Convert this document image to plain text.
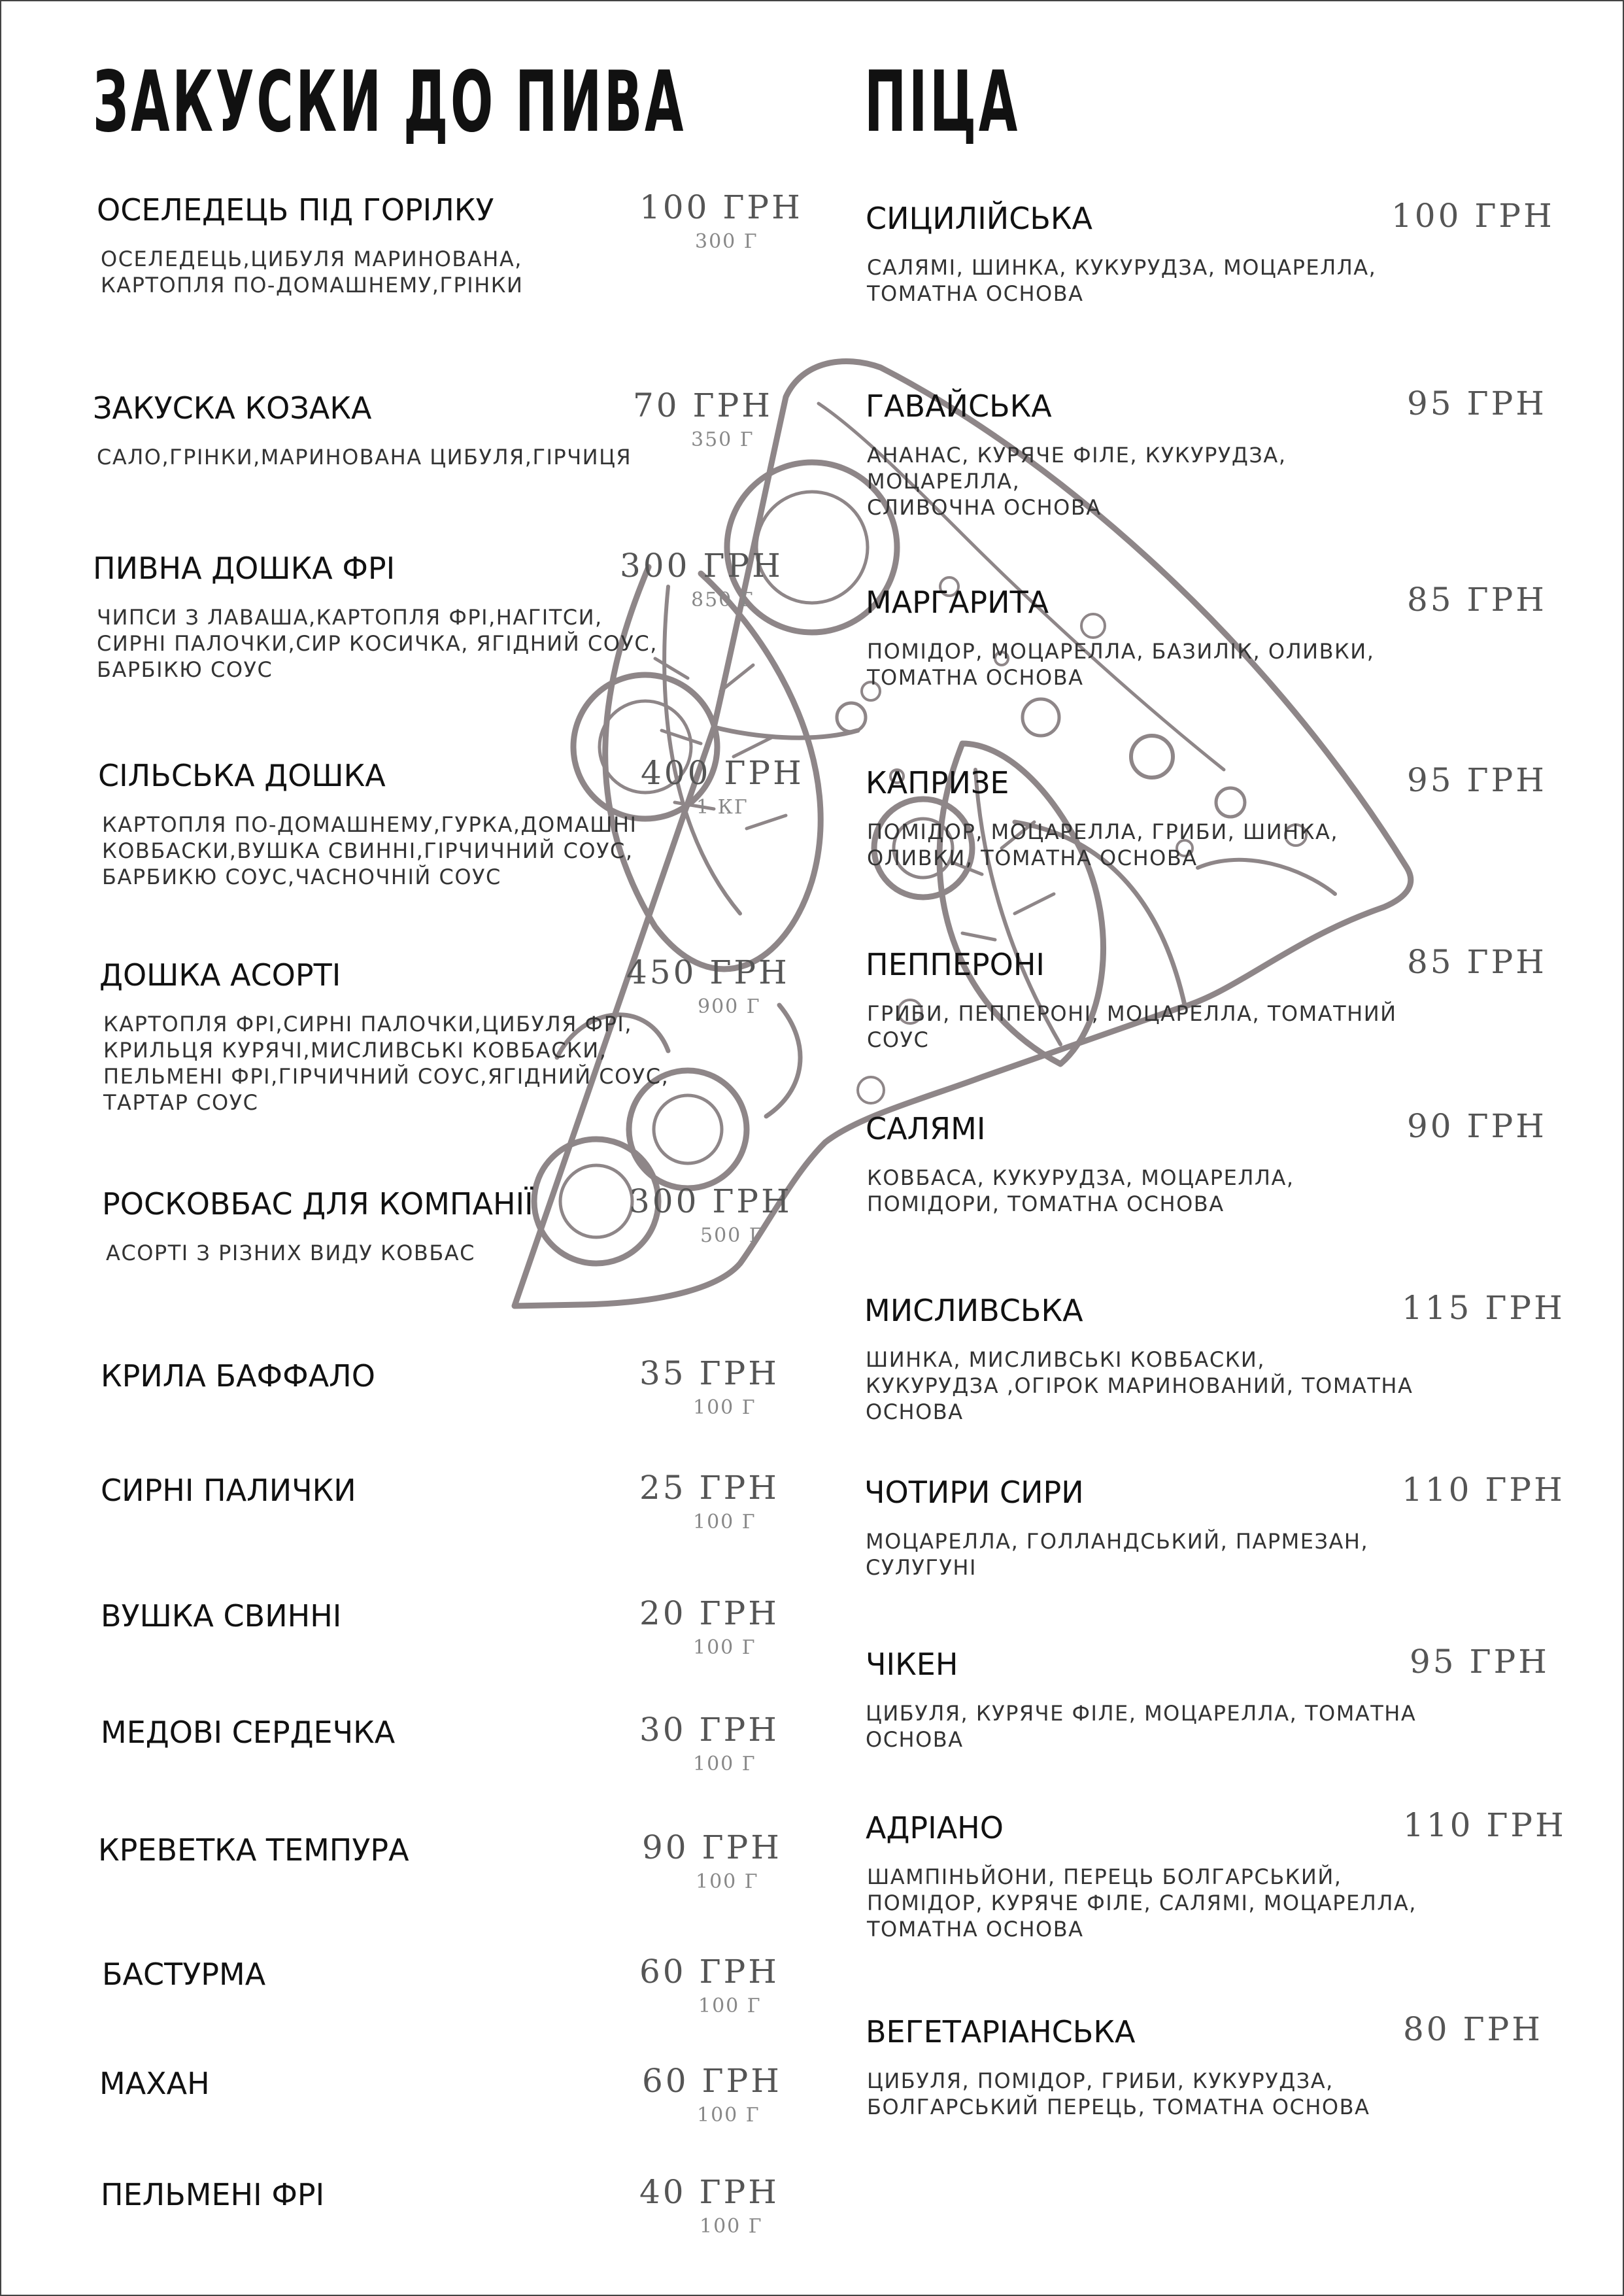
ЗАКУСКИ ДО ПИВА ПІЦА
ОСЕЛЕДЕЦЬ ПІД ГОРІЛКУ	100 ГРН
300 Г
ОСЕЛЕДЕЦЬ,ЦИБУЛЯ МАРИНОВАНА,
КАРТОПЛЯ ПО-ДОМАШНЕМУ,ГРІНКИ
ЗАКУСКА КОЗАКА	70 ГРН
350 Г
САЛО,ГРІНКИ,МАРИНОВАНА ЦИБУЛЯ,ГІРЧИЦЯ
ПИВНА ДОШКА ФРІ	300 ГРН
850 Г
ЧИПСИ З ЛАВАША,КАРТОПЛЯ ФРІ,НАГІТСИ,
СИРНІ ПАЛОЧКИ,СИР КОСИЧКА, ЯГІДНИЙ СОУС,
БАРБІКЮ СОУС
СІЛЬСЬКА ДОШКА	400 ГРН
1 КГ
КАРТОПЛЯ ПО-ДОМАШНЕМУ,ГУРКА,ДОМАШНІ
КОВБАСКИ,ВУШКА СВИННІ,ГІРЧИЧНИЙ СОУС,
БАРБИКЮ СОУС,ЧАСНОЧНІЙ СОУС
ДОШКА АСОРТІ	450 ГРН
900 Г
КАРТОПЛЯ ФРІ,СИРНІ ПАЛОЧКИ,ЦИБУЛЯ ФРІ,
КРИЛЬЦЯ КУРЯЧІ,МИСЛИВСЬКІ КОВБАСКИ,
ПЕЛЬМЕНІ ФРІ,ГІРЧИЧНИЙ СОУС,ЯГІДНИЙ СОУС,
ТАРТАР СОУС
РОСКОВБАС ДЛЯ КОМПАНІЇ	300 ГРН
500 Г
АСОРТІ З РІЗНИХ ВИДУ КОВБАС
КРИЛА БАФФАЛО	35 ГРН
100 Г
СИРНІ ПАЛИЧКИ	25 ГРН
100 Г
ВУШКА СВИННІ	20 ГРН
100 Г
МЕДОВІ СЕРДЕЧКА	30 ГРН
100 Г
КРЕВЕТКА ТЕМПУРА	90 ГРН
100 Г
БАСТУРМА	60 ГРН
100 Г
МАХАН	60 ГРН
100 Г
ПЕЛЬМЕНІ ФРІ	40 ГРН
100 Г
СИЦИЛІЙСЬКА	100 ГРН
САЛЯМІ, ШИНКА, КУКУРУДЗА, МОЦАРЕЛЛА,
ТОМАТНА ОСНОВА
ГАВАЙСЬКА	95 ГРН
АНАНАС, КУРЯЧЕ ФІЛЕ, КУКУРУДЗА, МОЦАРЕЛЛА,
СЛИВОЧНА ОСНОВА
МАРГАРИТА	85 ГРН
ПОМІДОР, МОЦАРЕЛЛА, БАЗИЛІК, ОЛИВКИ,
ТОМАТНА ОСНОВА
КАПРИЗЕ	95 ГРН
ПОМІДОР, МОЦАРЕЛЛА, ГРИБИ, ШИНКА,
ОЛИВКИ, ТОМАТНА ОСНОВА
ПЕППЕРОНІ	85 ГРН
ГРИБИ, ПЕППЕРОНІ, МОЦАРЕЛЛА, ТОМАТНИЙ СОУС
САЛЯМІ	90 ГРН
КОВБАСА, КУКУРУДЗА, МОЦАРЕЛЛА,
ПОМІДОРИ, ТОМАТНА ОСНОВА
МИСЛИВСЬКА	115 ГРН
ШИНКА, МИСЛИВСЬКІ КОВБАСКИ,
КУКУРУДЗА ,ОГІРОК МАРИНОВАНИЙ, ТОМАТНА ОСНОВА
ЧОТИРИ СИРИ	110 ГРН
МОЦАРЕЛЛА, ГОЛЛАНДСЬКИЙ, ПАРМЕЗАН, СУЛУГУНІ
ЧІКЕН	95 ГРН
ЦИБУЛЯ, КУРЯЧЕ ФІЛЕ, МОЦАРЕЛЛА, ТОМАТНА ОСНОВА
АДРІАНО	110 ГРН
ШАМПІНЬЙОНИ, ПЕРЕЦЬ БОЛГАРСЬКИЙ,
ПОМІДОР, КУРЯЧЕ ФІЛЕ, САЛЯМІ, МОЦАРЕЛЛА,
ТОМАТНА ОСНОВА
ВЕГЕТАРІАНСЬКА	80 ГРН
ЦИБУЛЯ, ПОМІДОР, ГРИБИ, КУКУРУДЗА,
БОЛГАРСЬКИЙ ПЕРЕЦЬ, ТОМАТНА ОСНОВА
